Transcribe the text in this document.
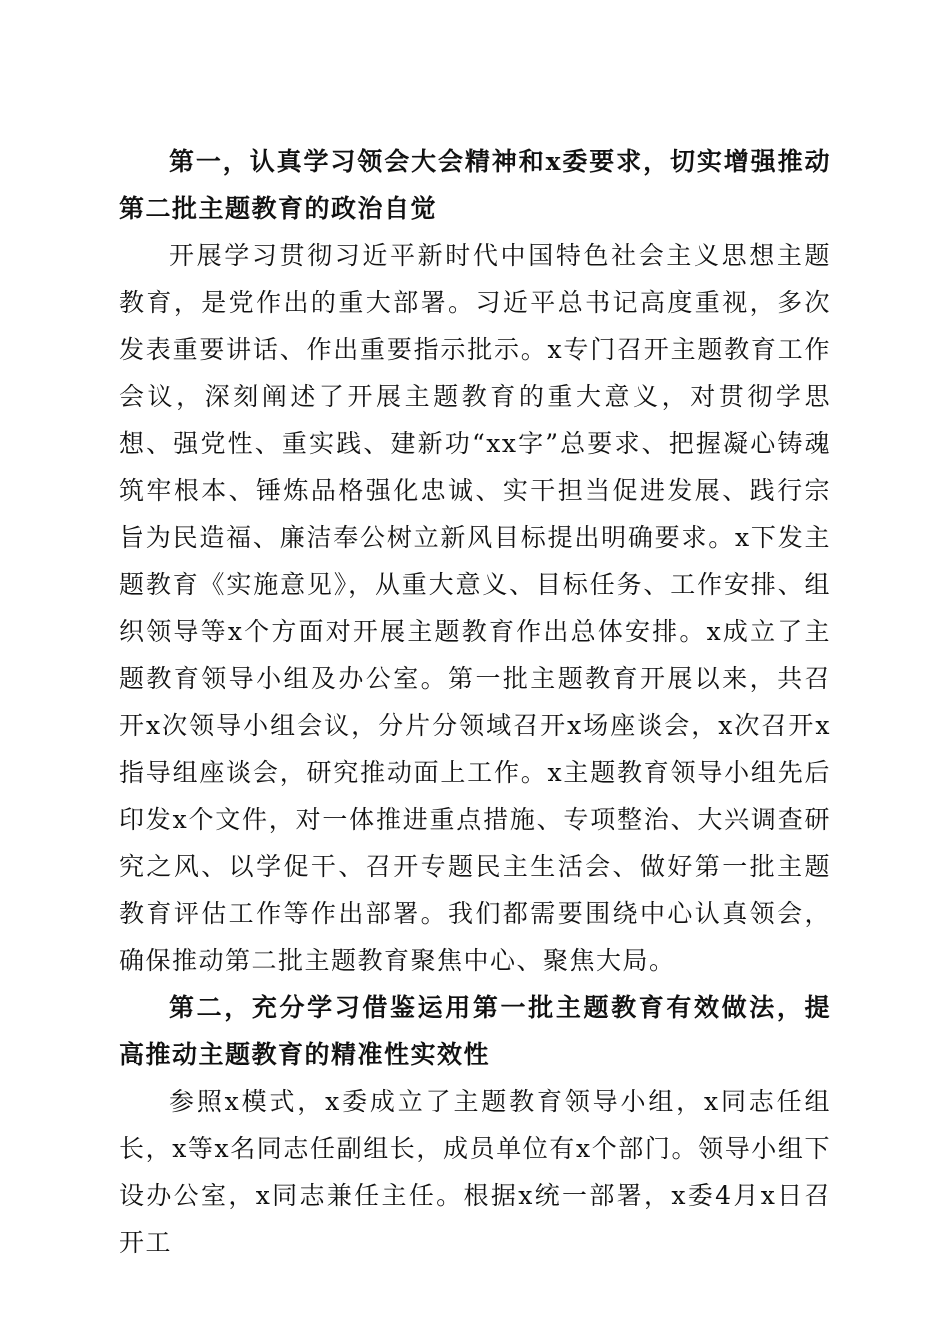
第一，认真学习领会大会精神和x委要求，切实增强推动第二批主题教育的政治自觉

开展学习贯彻习近平新时代中国特色社会主义思想主题教育，是党作出的重大部署。习近平总书记高度重视，多次发表重要讲话、作出重要指示批示。x专门召开主题教育工作会议，深刻阐述了开展主题教育的重大意义，对贯彻学思想、强党性、重实践、建新功“xx字”总要求、把握凝心铸魂筑牢根本、锤炼品格强化忠诚、实干担当促进发展、践行宗旨为民造福、廉洁奉公树立新风目标提出明确要求。x下发主题教育《实施意见》，从重大意义、目标任务、工作安排、组织领导等x个方面对开展主题教育作出总体安排。x成立了主题教育领导小组及办公室。第一批主题教育开展以来，共召开x次领导小组会议，分片分领域召开x场座谈会，x次召开x指导组座谈会，研究推动面上工作。x主题教育领导小组先后印发x个文件，对一体推进重点措施、专项整治、大兴调查研究之风、以学促干、召开专题民主生活会、做好第一批主题教育评估工作等作出部署。我们都需要围绕中心认真领会，确保推动第二批主题教育聚焦中心、聚焦大局。

第二，充分学习借鉴运用第一批主题教育有效做法，提高推动主题教育的精准性实效性

参照x模式，x委成立了主题教育领导小组，x同志任组长，x等x名同志任副组长，成员单位有x个部门。领导小组下设办公室，x同志兼任主任。根据x统一部署，x委4月x日召开工
